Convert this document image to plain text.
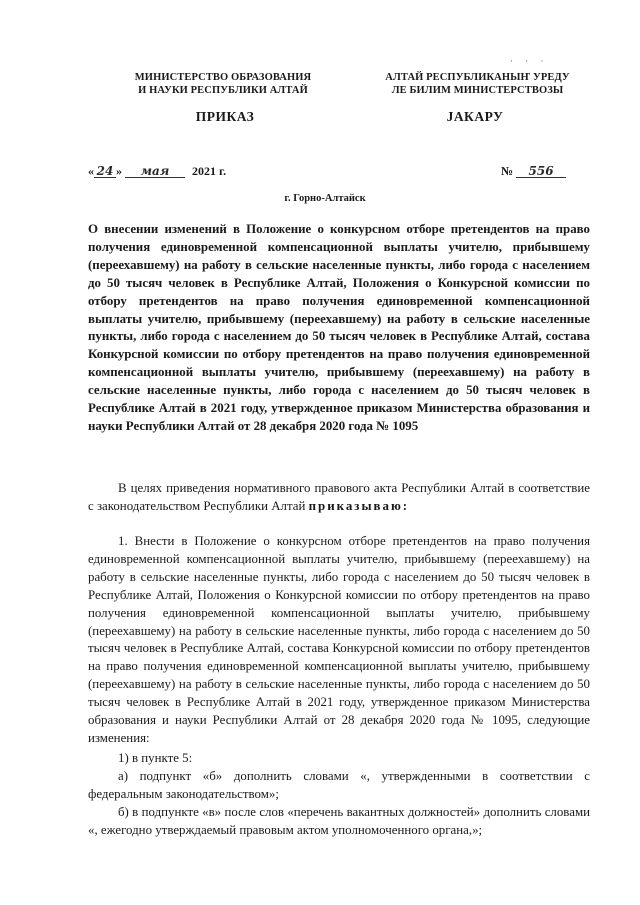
МИНИСТЕРСТВО ОБРАЗОВАНИЯ
И НАУКИ РЕСПУБЛИКИ АЛТАЙ
˙ ˙ ˙
АЛТАЙ РЕСПУБЛИКАНЫҤ УРЕДУ
ЛЕ БИЛИМ МИНИСТЕРСТВОЗЫ
ПРИКАЗ	JАКАРУ
« 24 » мая 2021 г.	№ 556
г. Горно-Алтайск
О внесении изменений в Положение о конкурсном отборе претендентов на право получения единовременной компенсационной выплаты учителю, прибывшему (переехавшему) на работу в сельские населенные пункты, либо города с населением до 50 тысяч человек в Республике Алтай, Положения о Конкурсной комиссии по отбору претендентов на право получения единовременной компенсационной выплаты учителю, прибывшему (переехавшему) на работу в сельские населенные пункты, либо города с населением до 50 тысяч человек в Республике Алтай, состава Конкурсной комиссии по отбору претендентов на право получения единовременной компенсационной выплаты учителю, прибывшему (переехавшему) на работу в сельские населенные пункты, либо города с населением до 50 тысяч человек в Республике Алтай в 2021 году, утвержденное приказом Министерства образования и науки Республики Алтай от 28 декабря 2020 года № 1095
В целях приведения нормативного правового акта Республики Алтай в соответствие с законодательством Республики Алтай приказываю:
1. Внести в Положение о конкурсном отборе претендентов на право получения единовременной компенсационной выплаты учителю, прибывшему (переехавшему) на работу в сельские населенные пункты, либо города с населением до 50 тысяч человек в Республике Алтай, Положения о Конкурсной комиссии по отбору претендентов на право получения единовременной компенсационной выплаты учителю, прибывшему (переехавшему) на работу в сельские населенные пункты, либо города с населением до 50 тысяч человек в Республике Алтай, состава Конкурсной комиссии по отбору претендентов на право получения единовременной компенсационной выплаты учителю, прибывшему (переехавшему) на работу в сельские населенные пункты, либо города с населением до 50 тысяч человек в Республике Алтай в 2021 году, утвержденное приказом Министерства образования и науки Республики Алтай от 28 декабря 2020 года № 1095, следующие изменения:
1) в пункте 5:
а) подпункт «б» дополнить словами «, утвержденными в соответствии с федеральным законодательством»;
б) в подпункте «в» после слов «перечень вакантных должностей» дополнить словами «, ежегодно утверждаемый правовым актом уполномоченного органа,»;
